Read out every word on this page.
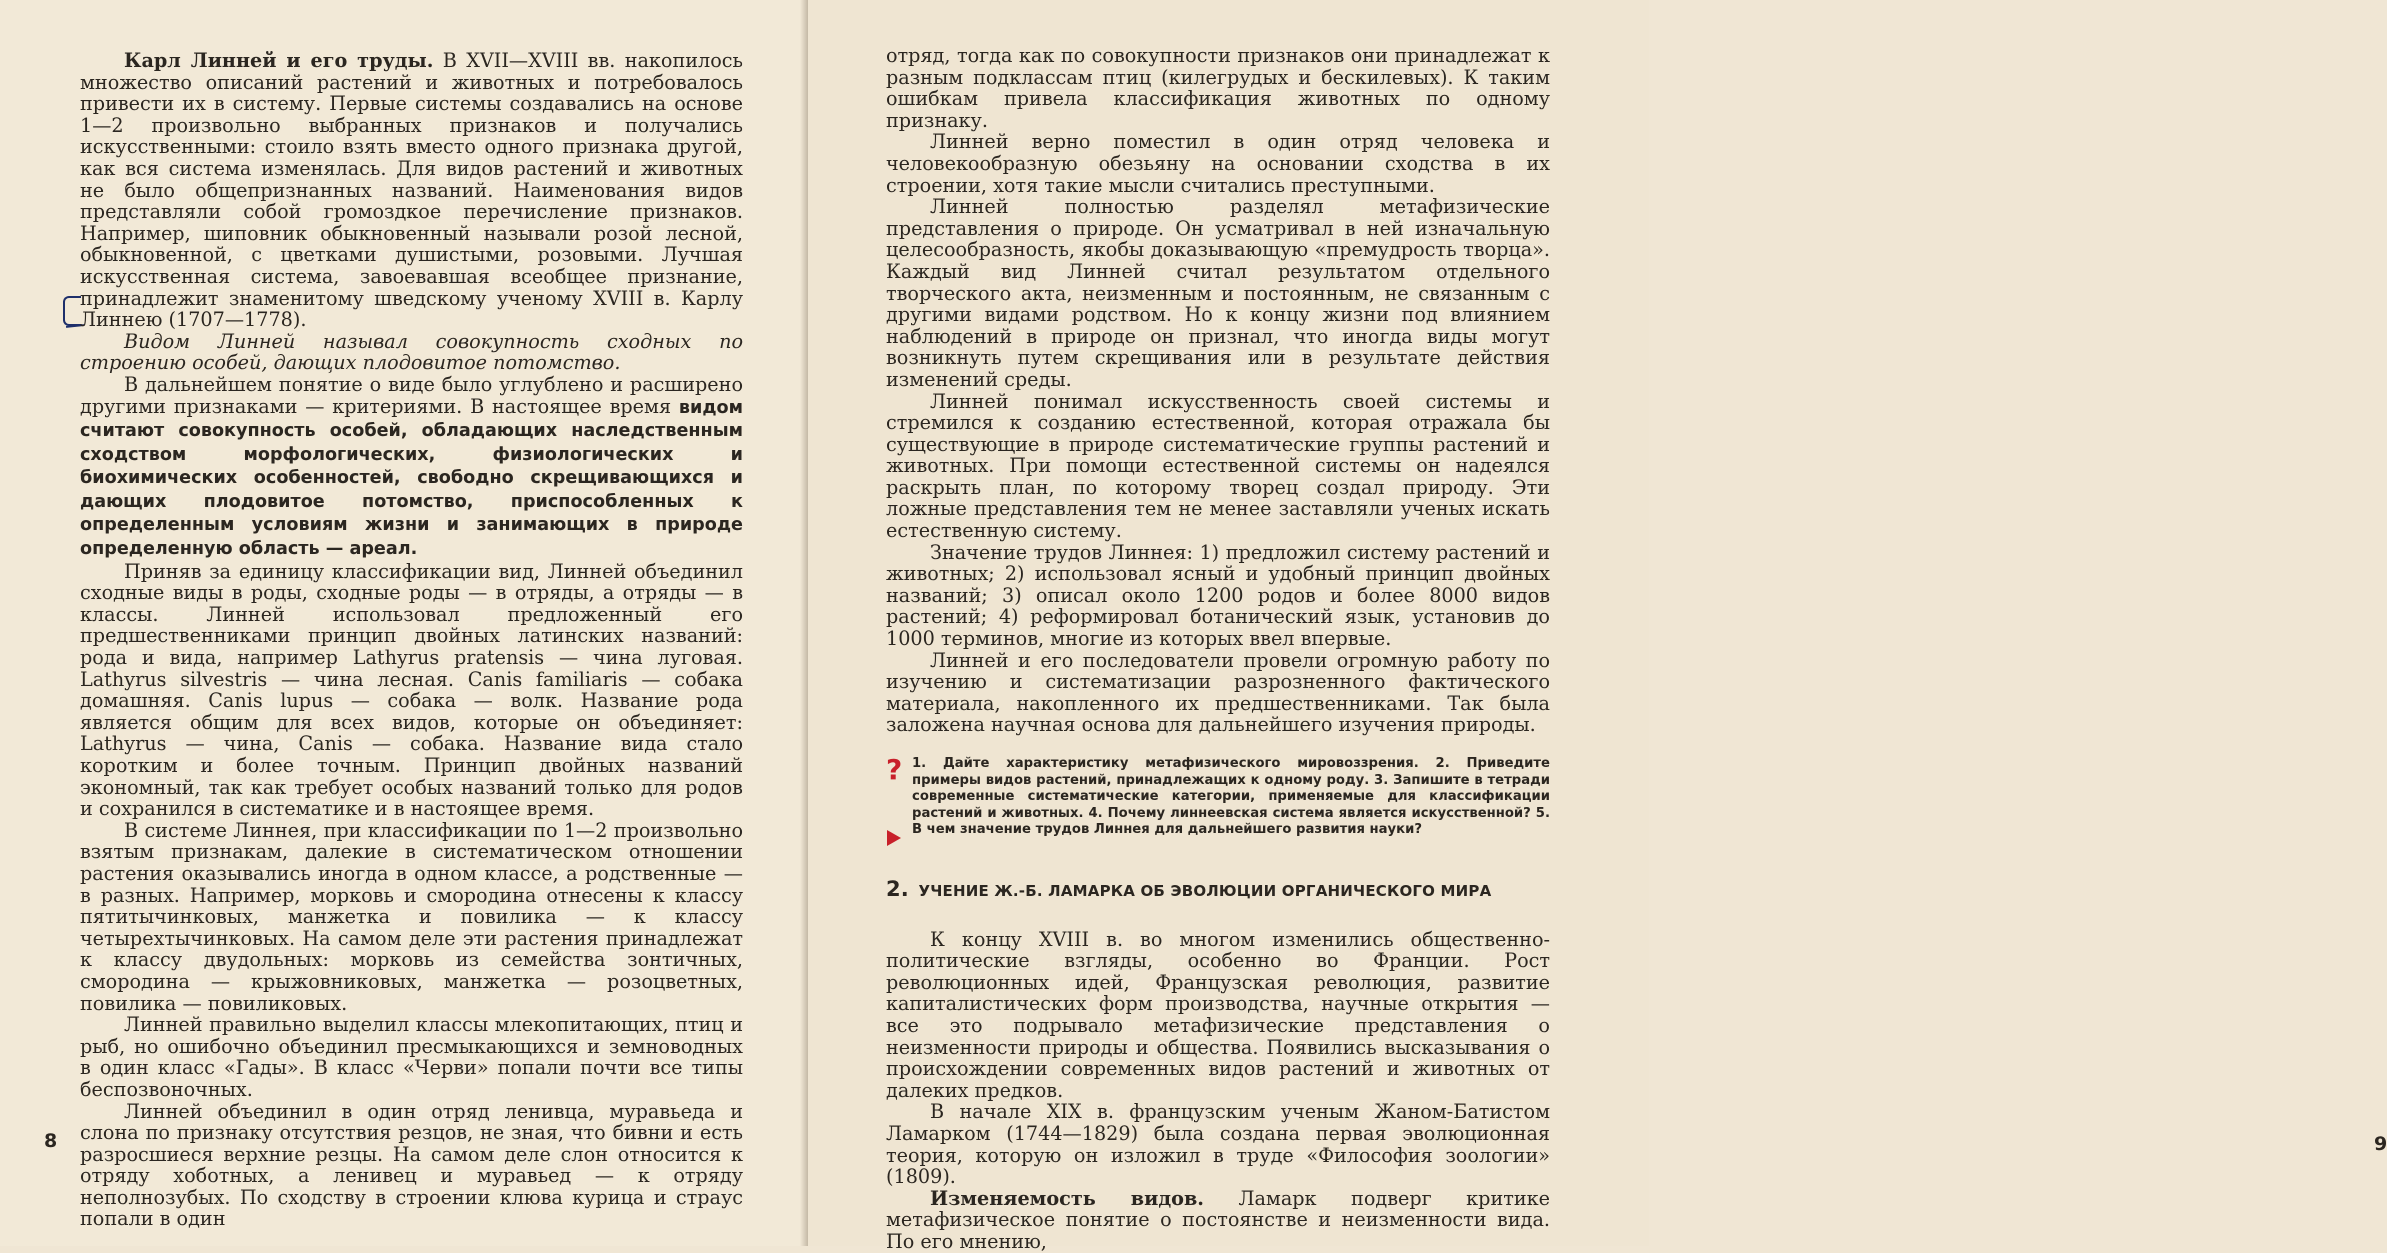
Карл Линней и его труды. В XVII—XVIII вв. накопилось множество описаний растений и животных и потребовалось привести их в систему. Первые системы создавались на основе 1—2 произвольно выбранных признаков и получались искусственными: стоило взять вместо одного признака другой, как вся система изменялась. Для видов растений и животных не было общепризнанных названий. Наименования видов представляли собой громоздкое перечисление признаков. Например, шиповник обыкновенный называли розой лесной, обыкновенной, с цветками душистыми, розовыми. Лучшая искусственная система, завоевавшая всеобщее признание, принадлежит знаменитому шведскому ученому XVIII в. Карлу Линнею (1707—1778).

Видом Линней называл совокупность сходных по строению особей, дающих плодовитое потомство.

В дальнейшем понятие о виде было углублено и расширено другими признаками — критериями. В настоящее время видом считают совокупность особей, обладающих наследственным сходством морфологических, физиологических и биохимических особенностей, свободно скрещивающихся и дающих плодовитое потомство, приспособленных к определенным условиям жизни и занимающих в природе определенную область — ареал.

Приняв за единицу классификации вид, Линней объединил сходные виды в роды, сходные роды — в отряды, а отряды — в классы. Линней использовал предложенный его предшественниками принцип двойных латинских названий: рода и вида, например Lathyrus pratensis — чина луговая. Lathyrus silvestris — чина лесная. Canis familiaris — собака домашняя. Canis lupus — собака — волк. Название рода является общим для всех видов, которые он объединяет: Lathyrus — чина, Canis — собака. Название вида стало коротким и более точным. Принцип двойных названий экономный, так как требует особых названий только для родов и сохранился в систематике и в настоящее время.

В системе Линнея, при классификации по 1—2 произвольно взятым признакам, далекие в систематическом отношении растения оказывались иногда в одном классе, а родственные — в разных. Например, морковь и смородина отнесены к классу пятитычинковых, манжетка и повилика — к классу четырехтычинковых. На самом деле эти растения принадлежат к классу двудольных: морковь из семейства зонтичных, смородина — крыжовниковых, манжетка — розоцветных, повилика — повиликовых.

Линней правильно выделил классы млекопитающих, птиц и рыб, но ошибочно объединил пресмыкающихся и земноводных в один класс «Гады». В класс «Черви» попали почти все типы беспозвоночных.

Линней объединил в один отряд ленивца, муравьеда и слона по признаку отсутствия резцов, не зная, что бивни и есть разросшиеся верхние резцы. На самом деле слон относится к отряду хоботных, а ленивец и муравьед — к отряду неполнозубых. По сходству в строении клюва курица и страус попали в один

8	9

отряд, тогда как по совокупности признаков они принадлежат к разным подклассам птиц (килегрудых и бескилевых). К таким ошибкам привела классификация животных по одному признаку.

Линней верно поместил в один отряд человека и человекообразную обезьяну на основании сходства в их строении, хотя такие мысли считались преступными.

Линней полностью разделял метафизические представления о природе. Он усматривал в ней изначальную целесообразность, якобы доказывающую «премудрость творца». Каждый вид Линней считал результатом отдельного творческого акта, неизменным и постоянным, не связанным с другими видами родством. Но к концу жизни под влиянием наблюдений в природе он признал, что иногда виды могут возникнуть путем скрещивания или в результате действия изменений среды.

Линней понимал искусственность своей системы и стремился к созданию естественной, которая отражала бы существующие в природе систематические группы растений и животных. При помощи естественной системы он надеялся раскрыть план, по которому творец создал природу. Эти ложные представления тем не менее заставляли ученых искать естественную систему.

Значение трудов Линнея: 1) предложил систему растений и животных; 2) использовал ясный и удобный принцип двойных названий; 3) описал около 1200 родов и более 8000 видов растений; 4) реформировал ботанический язык, установив до 1000 терминов, многие из которых ввел впервые.

Линней и его последователи провели огромную работу по изучению и систематизации разрозненного фактического материала, накопленного их предшественниками. Так была заложена научная основа для дальнейшего изучения природы.

? 1. Дайте характеристику метафизического мировоззрения. 2. Приведите примеры видов растений, принадлежащих к одному роду. 3. Запишите в тетради современные систематические категории, применяемые для классификации растений и животных. 4. Почему линнеевская система является искусственной? 5. В чем значение трудов Линнея для дальнейшего развития науки?
2. УЧЕНИЕ Ж.-Б. ЛАМАРКА ОБ ЭВОЛЮЦИИ ОРГАНИЧЕСКОГО МИРА

К концу XVIII в. во многом изменились общественно-политические взгляды, особенно во Франции. Рост революционных идей, Французская революция, развитие капиталистических форм производства, научные открытия — все это подрывало метафизические представления о неизменности природы и общества. Появились высказывания о происхождении современных видов растений и животных от далеких предков.

В начале XIX в. французским ученым Жаном-Батистом Ламарком (1744—1829) была создана первая эволюционная теория, которую он изложил в труде «Философия зоологии» (1809).

Изменяемость видов. Ламарк подверг критике метафизическое понятие о постоянстве и неизменности вида. По его мнению,
